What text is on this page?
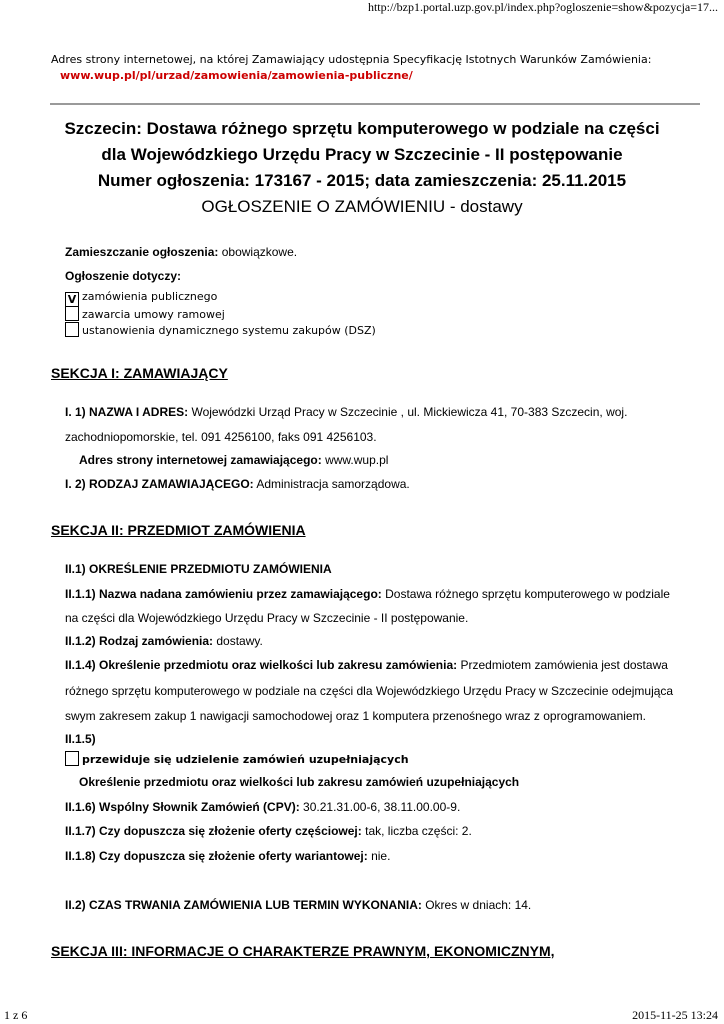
http://bzp1.portal.uzp.gov.pl/index.php?ogloszenie=show&pozycja=17...
Adres strony internetowej, na której Zamawiający udostępnia Specyfikację Istotnych Warunków Zamówienia:
www.wup.pl/pl/urzad/zamowienia/zamowienia-publiczne/
Szczecin: Dostawa różnego sprzętu komputerowego w podziale na części
dla Wojewódzkiego Urzędu Pracy w Szczecinie - II postępowanie
Numer ogłoszenia: 173167 - 2015; data zamieszczenia: 25.11.2015
OGŁOSZENIE O ZAMÓWIENIU - dostawy
Zamieszczanie ogłoszenia: obowiązkowe.
Ogłoszenie dotyczy:
V zamówienia publicznego
zawarcia umowy ramowej
ustanowienia dynamicznego systemu zakupów (DSZ)
SEKCJA I: ZAMAWIAJĄCY
I. 1) NAZWA I ADRES: Wojewódzki Urząd Pracy w Szczecinie , ul. Mickiewicza 41, 70-383 Szczecin, woj.
zachodniopomorskie, tel. 091 4256100, faks 091 4256103.
Adres strony internetowej zamawiającego: www.wup.pl
I. 2) RODZAJ ZAMAWIAJĄCEGO: Administracja samorządowa.
SEKCJA II: PRZEDMIOT ZAMÓWIENIA
II.1) OKREŚLENIE PRZEDMIOTU ZAMÓWIENIA
II.1.1) Nazwa nadana zamówieniu przez zamawiającego: Dostawa różnego sprzętu komputerowego w podziale
na części dla Wojewódzkiego Urzędu Pracy w Szczecinie - II postępowanie.
II.1.2) Rodzaj zamówienia: dostawy.
II.1.4) Określenie przedmiotu oraz wielkości lub zakresu zamówienia: Przedmiotem zamówienia jest dostawa
różnego sprzętu komputerowego w podziale na części dla Wojewódzkiego Urzędu Pracy w Szczecinie odejmująca
swym zakresem zakup 1 nawigacji samochodowej oraz 1 komputera przenośnego wraz z oprogramowaniem.
II.1.5)
przewiduje się udzielenie zamówień uzupełniających
Określenie przedmiotu oraz wielkości lub zakresu zamówień uzupełniających
II.1.6) Wspólny Słownik Zamówień (CPV): 30.21.31.00-6, 38.11.00.00-9.
II.1.7) Czy dopuszcza się złożenie oferty częściowej: tak, liczba części: 2.
II.1.8) Czy dopuszcza się złożenie oferty wariantowej: nie.
II.2) CZAS TRWANIA ZAMÓWIENIA LUB TERMIN WYKONANIA: Okres w dniach: 14.
SEKCJA III: INFORMACJE O CHARAKTERZE PRAWNYM, EKONOMICZNYM,
1 z 6	2015-11-25 13:24
